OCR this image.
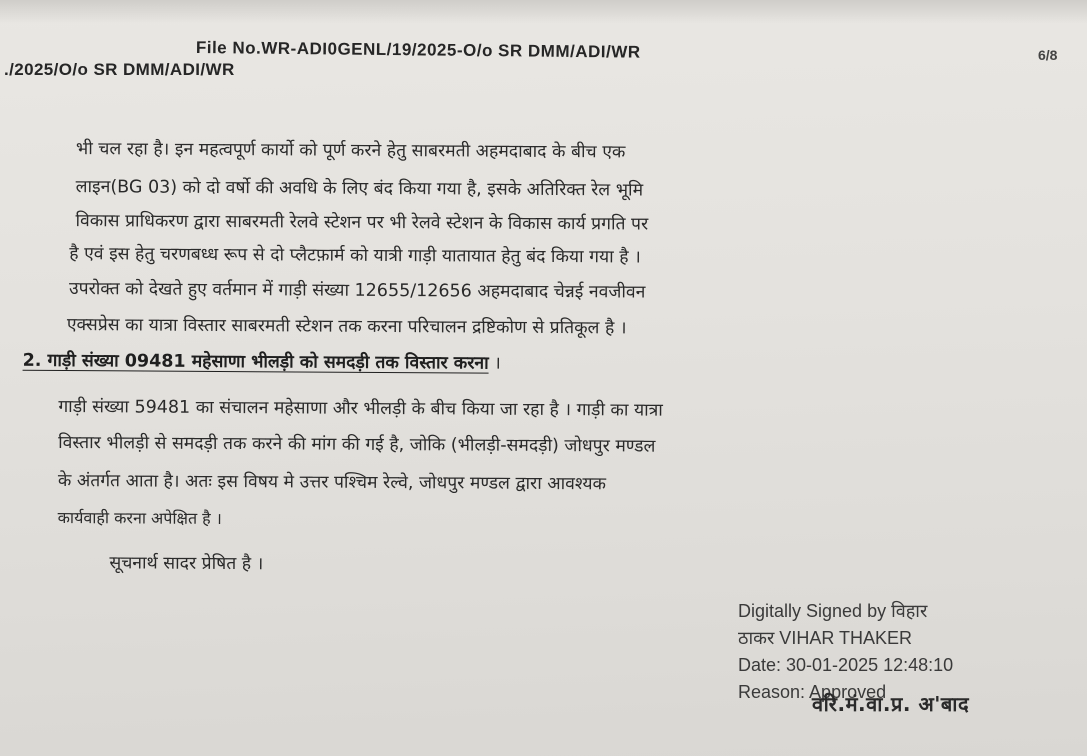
File No.WR-ADI0GENL/19/2025-O/o SR DMM/ADI/WR
./2025/O/o SR DMM/ADI/WR
6/8
भी चल रहा है। इन महत्वपूर्ण कार्यो को पूर्ण करने हेतु साबरमती अहमदाबाद के बीच एक
लाइन(BG 03) को दो वर्षो की अवधि के लिए बंद किया गया है, इसके अतिरिक्त रेल भूमि
विकास प्राधिकरण द्वारा साबरमती रेलवे स्टेशन पर भी रेलवे स्टेशन के विकास कार्य प्रगति पर
है एवं इस हेतु चरणबध्ध रूप से दो प्लैटफ़ार्म को यात्री गाड़ी यातायात हेतु बंद किया गया है ।
उपरोक्त को देखते हुए वर्तमान में गाड़ी संख्या 12655/12656 अहमदाबाद चेन्नई नवजीवन
एक्सप्रेस का यात्रा विस्तार साबरमती स्टेशन तक करना परिचालन द्रष्टिकोण से प्रतिकूल है ।
2. गाड़ी संख्या 09481 महेसाणा भीलड़ी को समदड़ी तक विस्तार करना ।
गाड़ी संख्या 59481 का संचालन महेसाणा और भीलड़ी के बीच किया जा रहा है । गाड़ी का यात्रा
विस्तार भीलड़ी से समदड़ी तक करने की मांग की गई है, जोकि (भीलड़ी-समदड़ी) जोधपुर मण्डल
के अंतर्गत आता है। अतः इस विषय मे उत्तर पश्चिम रेल्वे, जोधपुर मण्डल द्वारा आवश्यक
कार्यवाही करना अपेक्षित है ।
सूचनार्थ सादर प्रेषित है ।
Digitally Signed by विहार
ठाकर VIHAR THAKER
Date: 30-01-2025 12:48:10
Reason: Approved
वरि.मं.वा.प्र. अ'बाद
